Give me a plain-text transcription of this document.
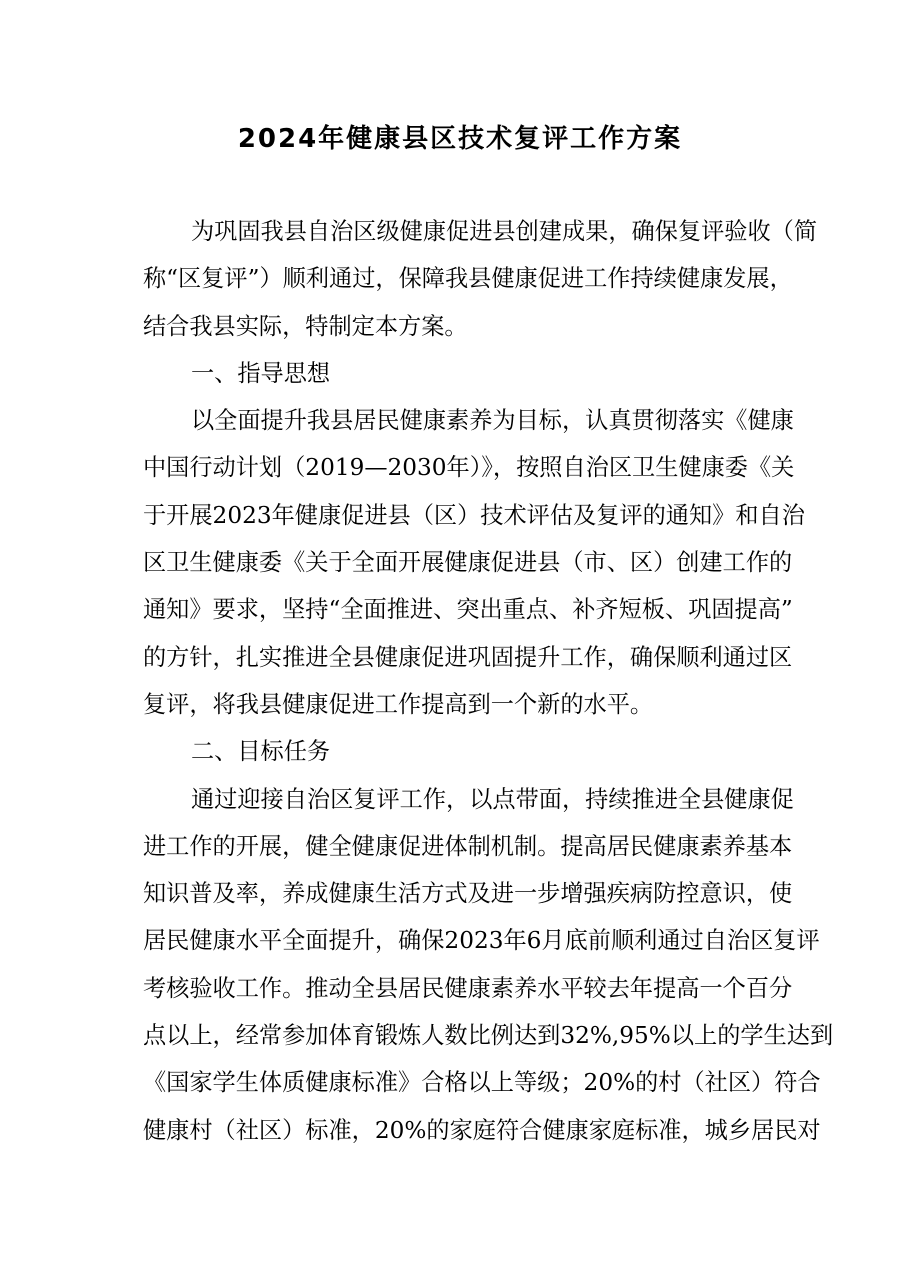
2024年健康县区技术复评工作方案
为巩固我县自治区级健康促进县创建成果，确保复评验收（简
称“区复评”）顺利通过，保障我县健康促进工作持续健康发展，
结合我县实际，特制定本方案。
一、指导思想
以全面提升我县居民健康素养为目标，认真贯彻落实《健康
中国行动计划（2019—2030年）》，按照自治区卫生健康委《关
于开展2023年健康促进县（区）技术评估及复评的通知》和自治
区卫生健康委《关于全面开展健康促进县（市、区）创建工作的
通知》要求，坚持“全面推进、突出重点、补齐短板、巩固提高”
的方针，扎实推进全县健康促进巩固提升工作，确保顺利通过区
复评，将我县健康促进工作提高到一个新的水平。
二、目标任务
通过迎接自治区复评工作，以点带面，持续推进全县健康促
进工作的开展，健全健康促进体制机制。提高居民健康素养基本
知识普及率，养成健康生活方式及进一步增强疾病防控意识，使
居民健康水平全面提升，确保2023年6月底前顺利通过自治区复评
考核验收工作。推动全县居民健康素养水平较去年提高一个百分
点以上，经常参加体育锻炼人数比例达到32%,95%以上的学生达到
《国家学生体质健康标准》合格以上等级；20%的村（社区）符合
健康村（社区）标准，20%的家庭符合健康家庭标准，城乡居民对
